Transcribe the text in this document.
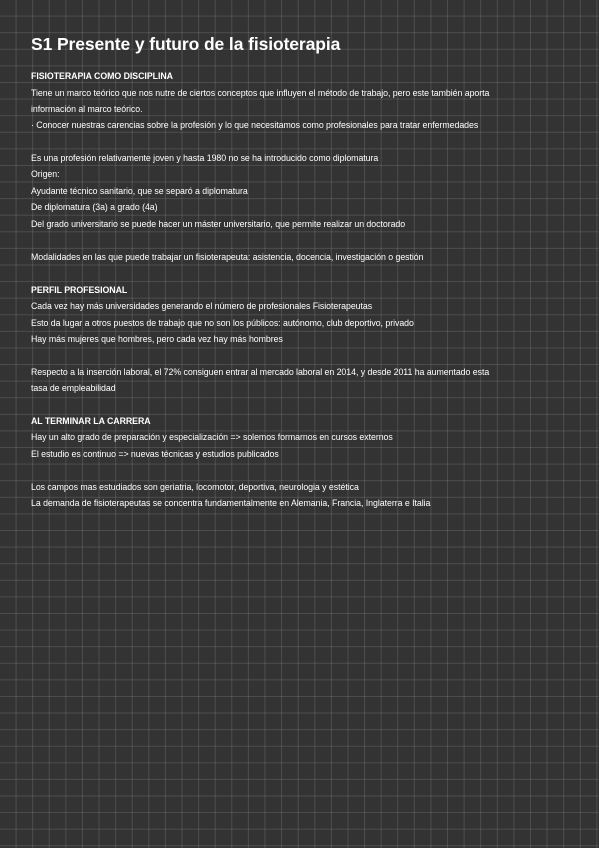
S1 Presente y futuro de la fisioterapia
FISIOTERAPIA COMO DISCIPLINA
Tiene un marco teórico que nos nutre de ciertos conceptos que influyen el método de trabajo, pero este también aporta
información al marco teórico.
· Conocer nuestras carencias sobre la profesión y lo que necesitamos como profesionales para tratar enfermedades
Es una profesión relativamente joven y hasta 1980 no se ha introducido como diplomatura
Origen:
Ayudante técnico sanitario, que se separó a diplomatura
De diplomatura (3a) a grado (4a)
Del grado universitario se puede hacer un máster universitario, que permite realizar un doctorado
Modalidades en las que puede trabajar un fisioterapeuta: asistencia, docencia, investigación o gestión
PERFIL PROFESIONAL
Cada vez hay más universidades generando el número de profesionales Fisioterapeutas
Esto da lugar a otros puestos de trabajo que no son los públicos: autónomo, club deportivo, privado
Hay más mujeres que hombres, pero cada vez hay más hombres
Respecto a la inserción laboral, el 72% consiguen entrar al mercado laboral en 2014, y desde 2011 ha aumentado esta
tasa de empleabilidad
AL TERMINAR LA CARRERA
Hay un alto grado de preparación y especialización => solemos formarnos en cursos externos
El estudio es continuo => nuevas técnicas y estudios publicados
Los campos mas estudiados son geriatria, locomotor, deportiva, neurologia y estética
La demanda de fisioterapeutas se concentra fundamentalmente en Alemania, Francia, Inglaterra e Italia
